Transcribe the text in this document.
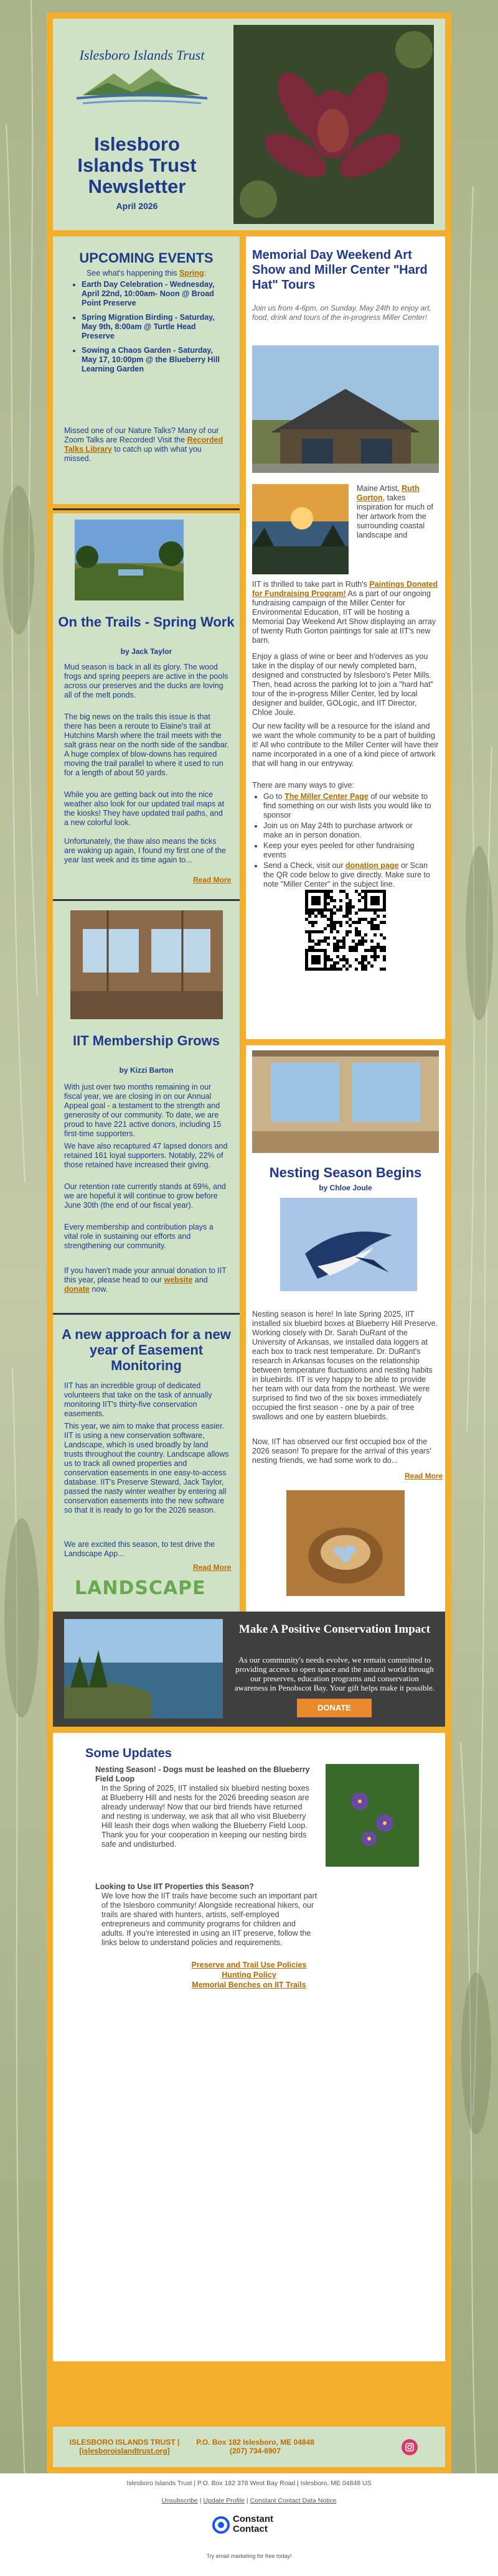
Islesboro Islands Trust
Islesboro
Islands Trust
Newsletter
April 2026
UPCOMING EVENTS
See what's happening this Spring:
• Earth Day Celebration - Wednesday, April 22nd, 10:00am- Noon @ Broad Point Preserve
• Spring Migration Birding - Saturday, May 9th, 8:00am @ Turtle Head Preserve
• Sowing a Chaos Garden - Saturday, May 17, 10:00pm @ the Blueberry Hill Learning Garden
Missed one of our Nature Talks? Many of our Zoom Talks are Recorded! Visit the Recorded Talks Library to catch up with what you missed.
Memorial Day Weekend Art Show and Miller Center "Hard Hat" Tours
Join us from 4-6pm, on Sunday, May 24th to enjoy art, food, drink and tours of the in-progress Miller Center!
Maine Artist, Ruth Gorton, takes inspiration for much of her artwork from the surrounding coastal landscape and
IIT is thrilled to take part in Ruth's Paintings Donated for Fundraising Program! As a part of our ongoing fundraising campaign of the Miller Center for Environmental Education, IIT will be hosting a Memorial Day Weekend Art Show displaying an array of twenty Ruth Gorton paintings for sale at IIT's new barn.
Enjoy a glass of wine or beer and h'oderves as you take in the display of our newly completed barn, designed and constructed by Islesboro's Peter Mills. Then, head across the parking lot to join a "hard hat" tour of the in-progress Miller Center, led by local designer and builder, GOLogic, and IIT Director, Chloe Joule.
Our new facility will be a resource for the island and we want the whole community to be a part of building it! All who contribute to the Miller Center will have their name incorporated in a one of a kind piece of artwork that will hang in our entryway.
There are many ways to give:
• Go to The Miller Center Page of our website to find something on our wish lists you would like to sponsor
• Join us on May 24th to purchase artwork or make an in person donation.
• Keep your eyes peeled for other fundraising events
• Send a Check, visit our donation page or Scan the QR code below to give directly. Make sure to note "Miller Center" in the subject line.
On the Trails - Spring Work
by Jack Taylor
Mud season is back in all its glory. The wood frogs and spring peepers are active in the pools across our preserves and the ducks are loving all of the melt ponds.
The big news on the trails this issue is that there has been a reroute to Elaine's trail at Hutchins Marsh where the trail meets with the salt grass near on the north side of the sandbar. A huge complex of blow-downs has required moving the trail parallel to where it used to run for a length of about 50 yards.
While you are getting back out into the nice weather also look for our updated trail maps at the kiosks! They have updated trail paths, and a new colorful look.
Unfortunately, the thaw also means the ticks are waking up again, I found my first one of the year last week and its time again to...
Read More
IIT Membership Grows
by Kizzi Barton
With just over two months remaining in our fiscal year, we are closing in on our Annual Appeal goal - a testament to the strength and generosity of our community. To date, we are proud to have 221 active donors, including 15 first-time supporters.
We have also recaptured 47 lapsed donors and retained 161 loyal supporters. Notably, 22% of those retained have increased their giving.
Our retention rate currently stands at 69%, and we are hopeful it will continue to grow before June 30th (the end of our fiscal year).
Every membership and contribution plays a vital role in sustaining our efforts and strengthening our community.
If you haven't made your annual donation to IIT this year, please head to our website and donate now.
Nesting Season Begins
by Chloe Joule
Nesting season is here! In late Spring 2025, IIT installed six bluebird boxes at Blueberry Hill Preserve. Working closely with Dr. Sarah DuRant of the University of Arkansas, we installed data loggers at each box to track nest temperature. Dr. DuRant's research in Arkansas focuses on the relationship between temperature fluctuations and nesting habits in bluebirds. IIT is very happy to be able to provide her team with our data from the northeast. We were surprised to find two of the six boxes immediately occupied the first season - one by a pair of tree swallows and one by eastern bluebirds.
Now, IIT has observed our first occupied box of the 2026 season! To prepare for the arrival of this years' nesting friends, we had some work to do...
Read More
A new approach for a new year of Easement Monitoring
IIT has an incredible group of dedicated volunteers that take on the task of annually monitoring IIT's thirty-five conservation easements.
This year, we aim to make that process easier. IIT is using a new conservation software, Landscape, which is used broadly by land trusts throughout the country. Landscape allows us to track all owned properties and conservation easements in one easy-to-access database. IIT's Preserve Steward, Jack Taylor, passed the nasty winter weather by entering all conservation easements into the new software so that it is ready to go for the 2026 season.
We are excited this season, to test drive the Landscape App...
Read More
LANDSCAPE
Make A Positive Conservation Impact
As our community's needs evolve, we remain committed to providing access to open space and the natural world through our preserves, education programs and conservation awareness in Penobscot Bay. Your gift helps make it possible.
DONATE
Some Updates
Nesting Season! - Dogs must be leashed on the Blueberry Field Loop
In the Spring of 2025, IIT installed six bluebird nesting boxes at Blueberry Hill and nests for the 2026 breeding season are already underway! Now that our bird friends have returned and nesting is underway, we ask that all who visit Blueberry Hill leash their dogs when walking the Blueberry Field Loop. Thank you for your cooperation in keeping our nesting birds safe and undisturbed.
Looking to Use IIT Properties this Season?
We love how the IIT trails have become such an important part of the Islesboro community! Alongside recreational hikers, our trails are shared with hunters, artists, self-employed entrepreneurs and community programs for children and adults. If you're interested in using an IIT preserve, follow the links below to understand policies and requirements.
Preserve and Trail Use Policies
Hunting Policy
Memorial Benches on IIT Trails
ISLESBORO ISLANDS TRUST |
[islesboroislandtrust.org]
P.O. Box 182 Islesboro, ME 04848
(207) 734-6907
Islesboro Islands Trust | P.O. Box 182 378 West Bay Road | Islesboro, ME 04848 US
Unsubscribe | Update Profile | Constant Contact Data Notice
Constant
Contact
Try email marketing for free today!
